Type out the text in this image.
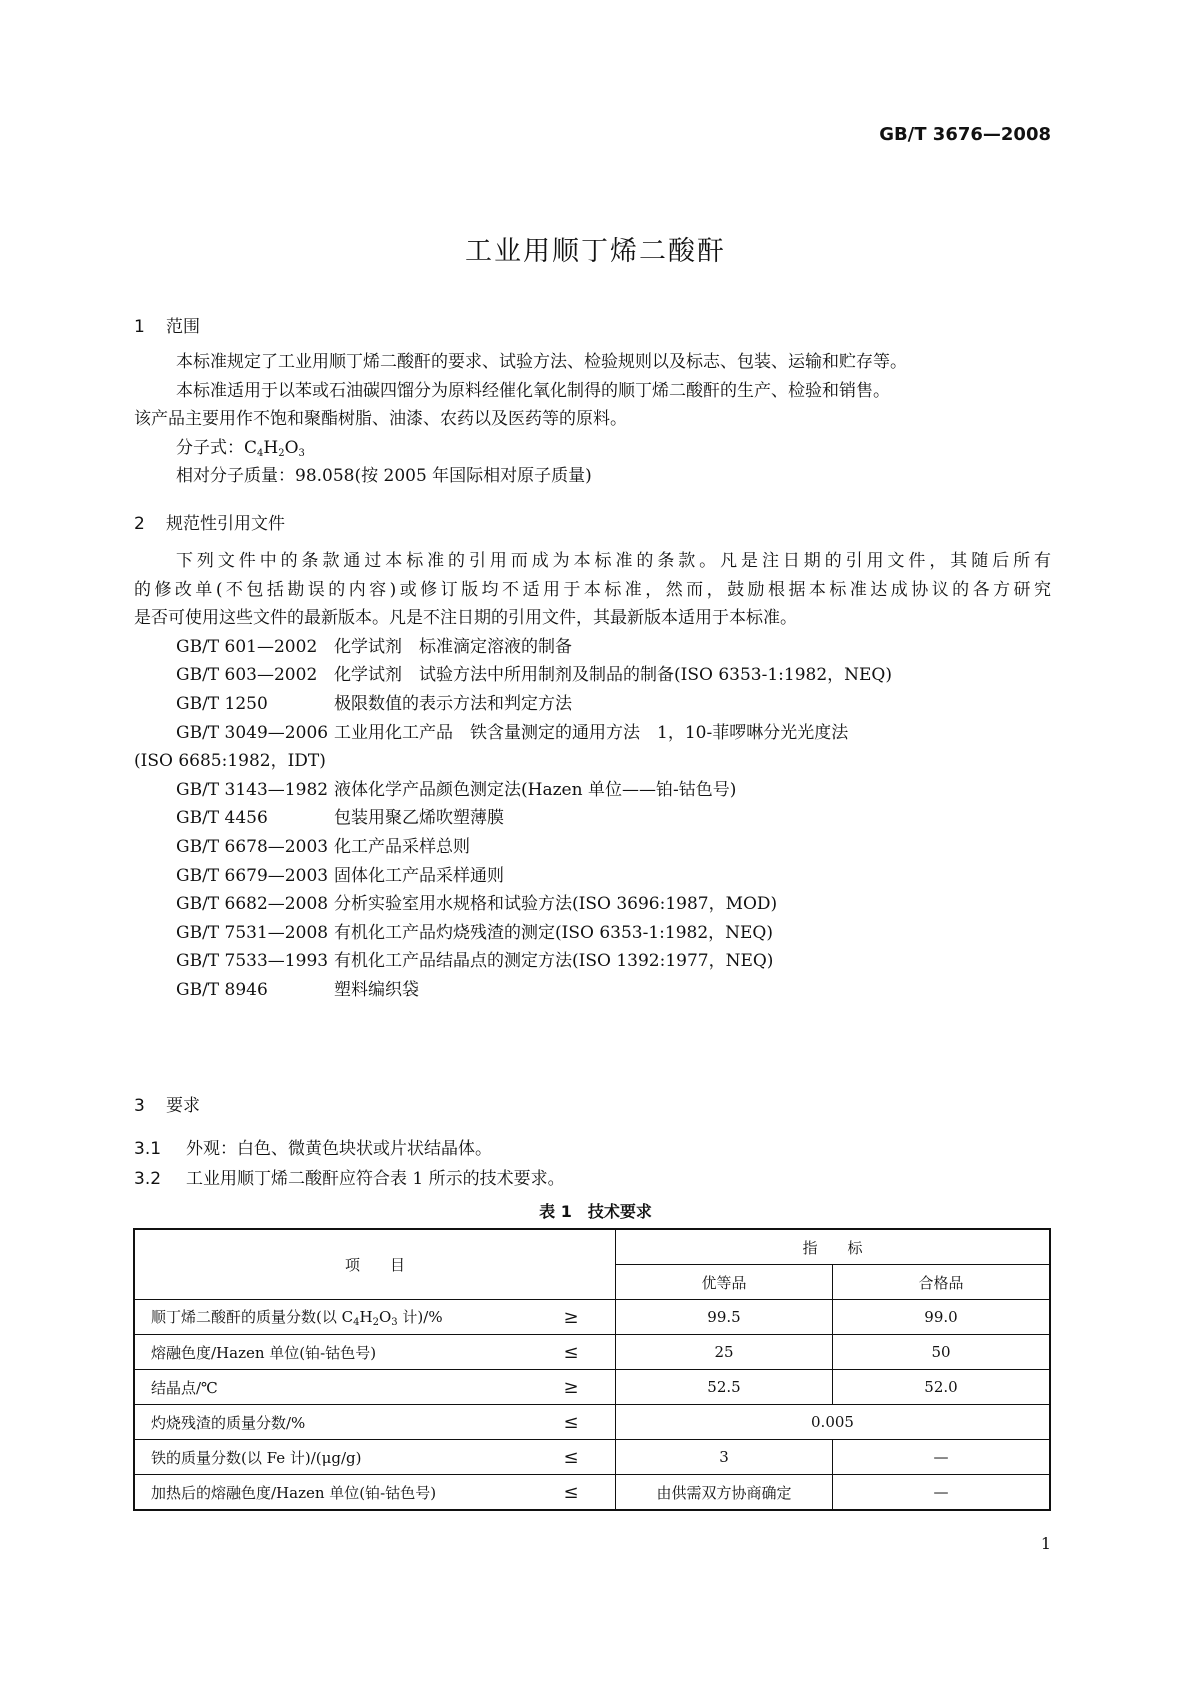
GB/T 3676—2008
工业用顺丁烯二酸酐
1 范围
本标准规定了工业用顺丁烯二酸酐的要求、试验方法、检验规则以及标志、包装、运输和贮存等。
本标准适用于以苯或石油碳四馏分为原料经催化氧化制得的顺丁烯二酸酐的生产、检验和销售。
该产品主要用作不饱和聚酯树脂、油漆、农药以及医药等的原料。
分子式：$C_4H_2O_3$
相对分子质量：98.058(按 2005 年国际相对原子质量)
2 规范性引用文件
下列文件中的条款通过本标准的引用而成为本标准的条款。凡是注日期的引用文件，其随后所有
的修改单(不包括勘误的内容)或修订版均不适用于本标准，然而，鼓励根据本标准达成协议的各方研究
是否可使用这些文件的最新版本。凡是不注日期的引用文件，其最新版本适用于本标准。
GB/T 601—2002 化学试剂　标准滴定溶液的制备
GB/T 603—2002 化学试剂　试验方法中所用制剂及制品的制备(ISO 6353-1:1982，NEQ)
GB/T 1250	极限数值的表示方法和判定方法
GB/T 3049—2006 工业用化工产品　铁含量测定的通用方法　1，10-菲啰啉分光光度法
(ISO 6685:1982，IDT)
GB/T 3143—1982 液体化学产品颜色测定法(Hazen 单位——铂-钴色号)
GB/T 4456	包装用聚乙烯吹塑薄膜
GB/T 6678—2003 化工产品采样总则
GB/T 6679—2003 固体化工产品采样通则
GB/T 6682—2008 分析实验室用水规格和试验方法(ISO 3696:1987，MOD)
GB/T 7531—2008 有机化工产品灼烧残渣的测定(ISO 6353-1:1982，NEQ)
GB/T 7533—1993 有机化工产品结晶点的测定方法(ISO 1392:1977，NEQ)
GB/T 8946	塑料编织袋
3 要求
3.1 外观：白色、微黄色块状或片状结晶体。
3.2 工业用顺丁烯二酸酐应符合表 1 所示的技术要求。
表 1　技术要求
项　　目		指　　标	
		优等品	合格品
顺丁烯二酸酐的质量分数(以 $C_4H_2O_3$ 计)/%	≥	99.5	99.0
熔融色度/Hazen 单位(铂-钴色号)	≤	25	50
结晶点/℃	≥	52.5	52.0
灼烧残渣的质量分数/%	≤	0.005	
铁的质量分数(以 Fe 计)/(μg/g)	≤	3	—
加热后的熔融色度/Hazen 单位(铂-钴色号)	≤	由供需双方协商确定	—
1
